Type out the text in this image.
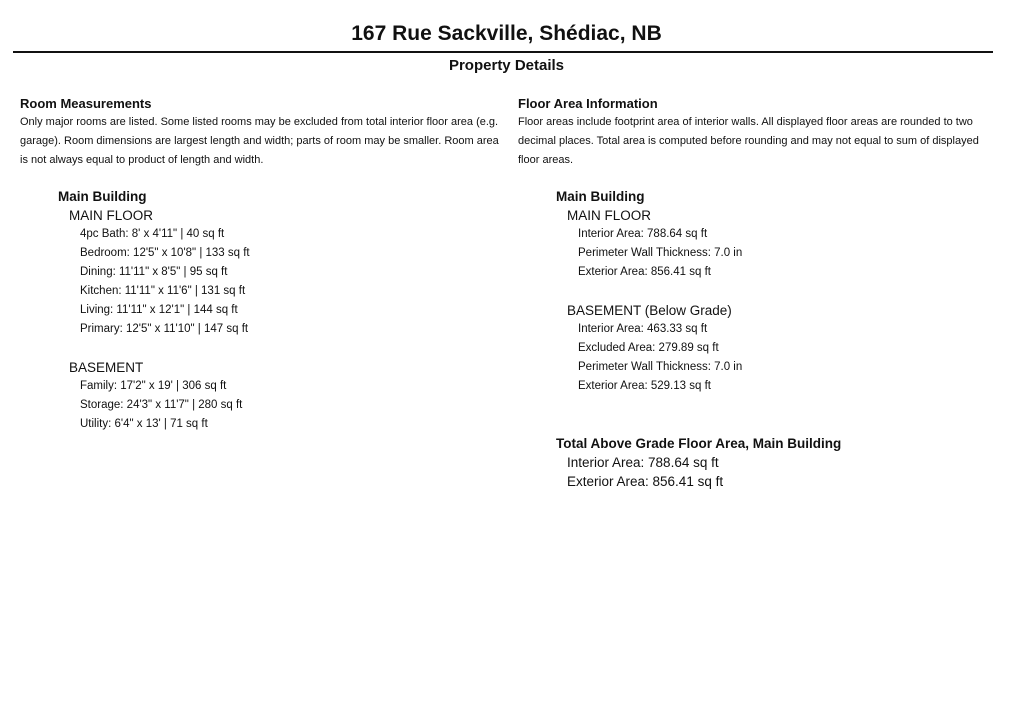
167 Rue Sackville, Shédiac, NB
Property Details
Room Measurements
Only major rooms are listed. Some listed rooms may be excluded from total interior floor area (e.g. garage). Room dimensions are largest length and width; parts of room may be smaller. Room area is not always equal to product of length and width.
Main Building
MAIN FLOOR
4pc Bath: 8' x 4'11" | 40 sq ft
Bedroom: 12'5" x 10'8" | 133 sq ft
Dining: 11'11" x 8'5" | 95 sq ft
Kitchen: 11'11" x 11'6" | 131 sq ft
Living: 11'11" x 12'1" | 144 sq ft
Primary: 12'5" x 11'10" | 147 sq ft
BASEMENT
Family: 17'2" x 19' | 306 sq ft
Storage: 24'3" x 11'7" | 280 sq ft
Utility: 6'4" x 13' | 71 sq ft
Floor Area Information
Floor areas include footprint area of interior walls. All displayed floor areas are rounded to two decimal places. Total area is computed before rounding and may not equal to sum of displayed floor areas.
Main Building
MAIN FLOOR
Interior Area: 788.64 sq ft
Perimeter Wall Thickness: 7.0 in
Exterior Area: 856.41 sq ft
BASEMENT (Below Grade)
Interior Area: 463.33 sq ft
Excluded Area: 279.89 sq ft
Perimeter Wall Thickness: 7.0 in
Exterior Area: 529.13 sq ft
Total Above Grade Floor Area, Main Building
Interior Area: 788.64 sq ft
Exterior Area: 856.41 sq ft
